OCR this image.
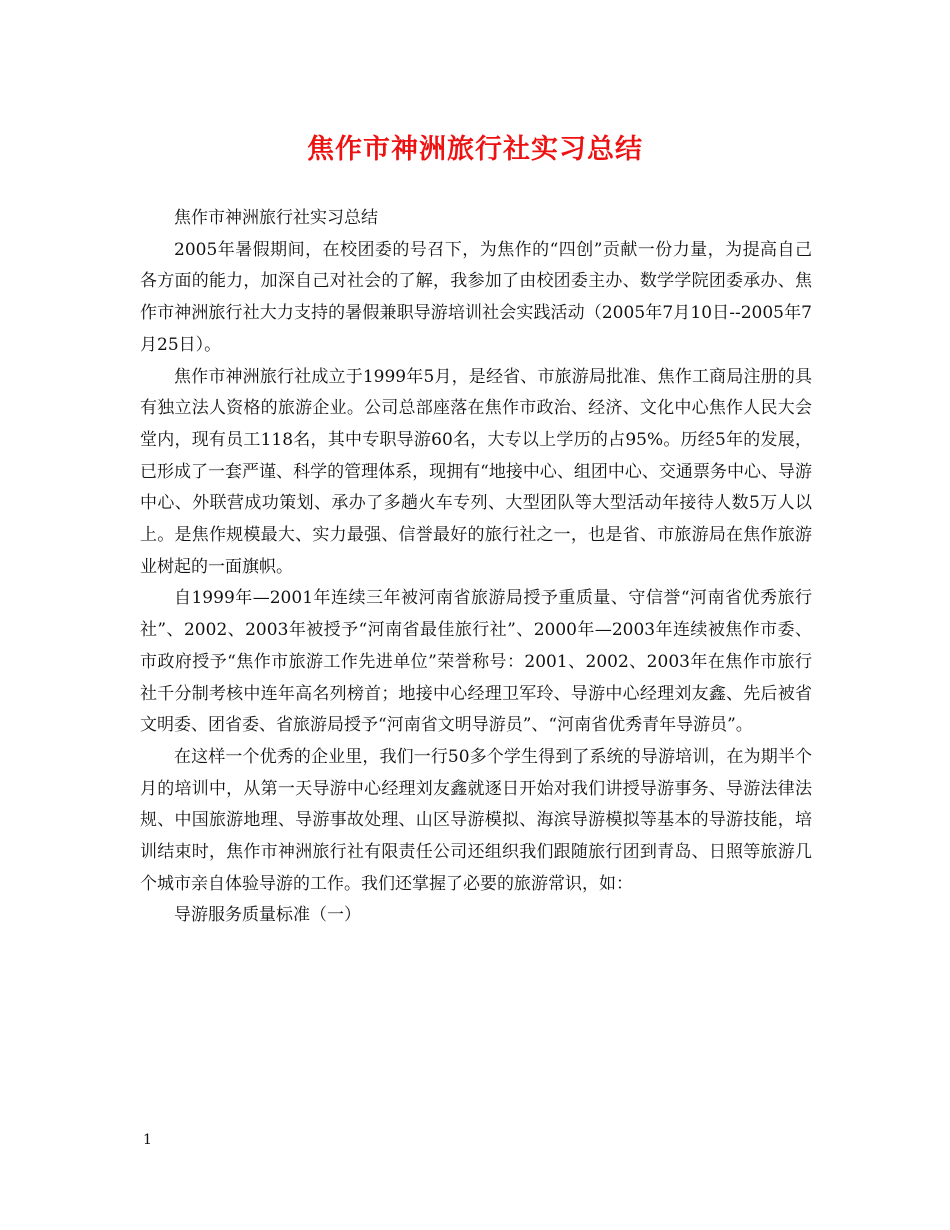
焦作市神洲旅行社实习总结

焦作市神洲旅行社实习总结

2005年暑假期间，在校团委的号召下，为焦作的“四创”贡献一份力量，为提高自己各方面的能力，加深自己对社会的了解，我参加了由校团委主办、数学学院团委承办、焦作市神洲旅行社大力支持的暑假兼职导游培训社会实践活动（2005年7月10日--2005年7月25日）。

焦作市神洲旅行社成立于1999年5月，是经省、市旅游局批准、焦作工商局注册的具有独立法人资格的旅游企业。公司总部座落在焦作市政治、经济、文化中心焦作人民大会堂内，现有员工118名，其中专职导游60名，大专以上学历的占95%。历经5年的发展，已形成了一套严谨、科学的管理体系，现拥有“地接中心、组团中心、交通票务中心、导游中心、外联营成功策划、承办了多趟火车专列、大型团队等大型活动年接待人数5万人以上。是焦作规模最大、实力最强、信誉最好的旅行社之一，也是省、市旅游局在焦作旅游业树起的一面旗帜。

自1999年—2001年连续三年被河南省旅游局授予重质量、守信誉“河南省优秀旅行社”、2002、2003年被授予“河南省最佳旅行社”、2000年—2003年连续被焦作市委、市政府授予“焦作市旅游工作先进单位”荣誉称号：2001、2002、2003年在焦作市旅行社千分制考核中连年高名列榜首；地接中心经理卫军玲、导游中心经理刘友鑫、先后被省文明委、团省委、省旅游局授予“河南省文明导游员”、“河南省优秀青年导游员”。

在这样一个优秀的企业里，我们一行50多个学生得到了系统的导游培训，在为期半个月的培训中，从第一天导游中心经理刘友鑫就逐日开始对我们讲授导游事务、导游法律法规、中国旅游地理、导游事故处理、山区导游模拟、海滨导游模拟等基本的导游技能，培训结束时，焦作市神洲旅行社有限责任公司还组织我们跟随旅行团到青岛、日照等旅游几个城市亲自体验导游的工作。我们还掌握了必要的旅游常识，如：

导游服务质量标准（一）

1
